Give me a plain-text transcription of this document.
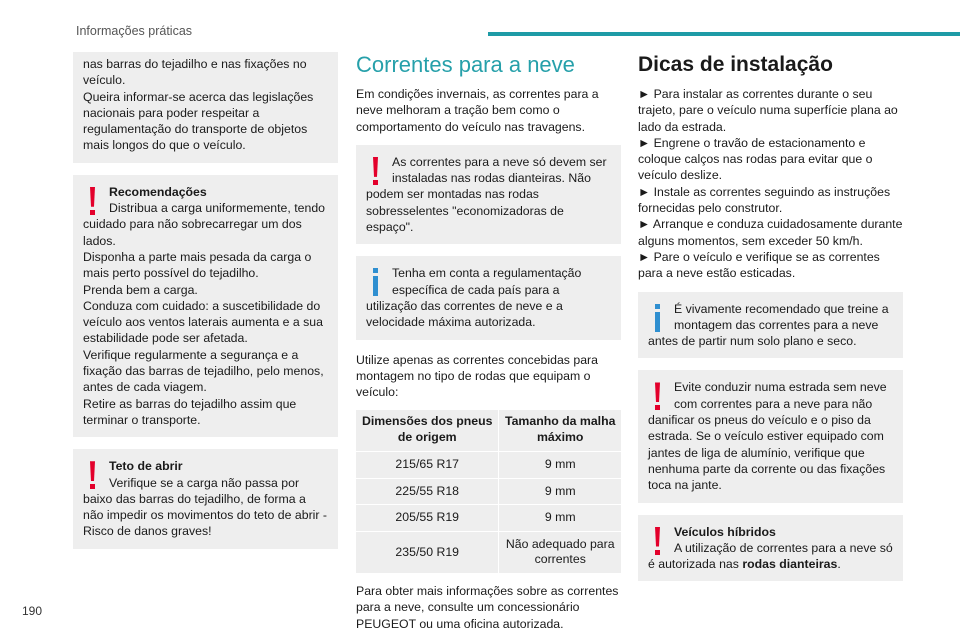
Informações práticas
nas barras do tejadilho e nas fixações no veículo.
Queira informar-se acerca das legislações nacionais para poder respeitar a regulamentação do transporte de objetos mais longos do que o veículo.
Recomendações
Distribua a carga uniformemente, tendo cuidado para não sobrecarregar um dos lados.
Disponha a parte mais pesada da carga o mais perto possível do tejadilho.
Prenda bem a carga.
Conduza com cuidado: a suscetibilidade do veículo aos ventos laterais aumenta e a sua estabilidade pode ser afetada.
Verifique regularmente a segurança e a fixação das barras de tejadilho, pelo menos, antes de cada viagem.
Retire as barras do tejadilho assim que terminar o transporte.
Teto de abrir
Verifique se a carga não passa por baixo das barras do tejadilho, de forma a não impedir os movimentos do teto de abrir - Risco de danos graves!
Correntes para a neve

Em condições invernais, as correntes para a neve melhoram a tração bem como o comportamento do veículo nas travagens.

As correntes para a neve só devem ser instaladas nas rodas dianteiras. Não podem ser montadas nas rodas sobresselentes "economizadoras de espaço".
Tenha em conta a regulamentação específica de cada país para a utilização das correntes de neve e a velocidade máxima autorizada.

Utilize apenas as correntes concebidas para montagem no tipo de rodas que equipam o veículo:

Dimensões dos pneus de origem	Tamanho da malha máximo
215/65 R17	9 mm
225/55 R18	9 mm
205/55 R19	9 mm
235/50 R19	Não adequado para correntes

Para obter mais informações sobre as correntes para a neve, consulte um concessionário PEUGEOT ou uma oficina autorizada.

Dicas de instalação
► Para instalar as correntes durante o seu trajeto, pare o veículo numa superfície plana ao lado da estrada.
► Engrene o travão de estacionamento e coloque calços nas rodas para evitar que o veículo deslize.
► Instale as correntes seguindo as instruções fornecidas pelo construtor.
► Arranque e conduza cuidadosamente durante alguns momentos, sem exceder 50 km/h.
► Pare o veículo e verifique se as correntes para a neve estão esticadas.
É vivamente recomendado que treine a montagem das correntes para a neve antes de partir num solo plano e seco.
Evite conduzir numa estrada sem neve com correntes para a neve para não danificar os pneus do veículo e o piso da estrada. Se o veículo estiver equipado com jantes de liga de alumínio, verifique que nenhuma parte da corrente ou das fixações toca na jante.
Veículos híbridos
A utilização de correntes para a neve só é autorizada nas rodas dianteiras.
190
